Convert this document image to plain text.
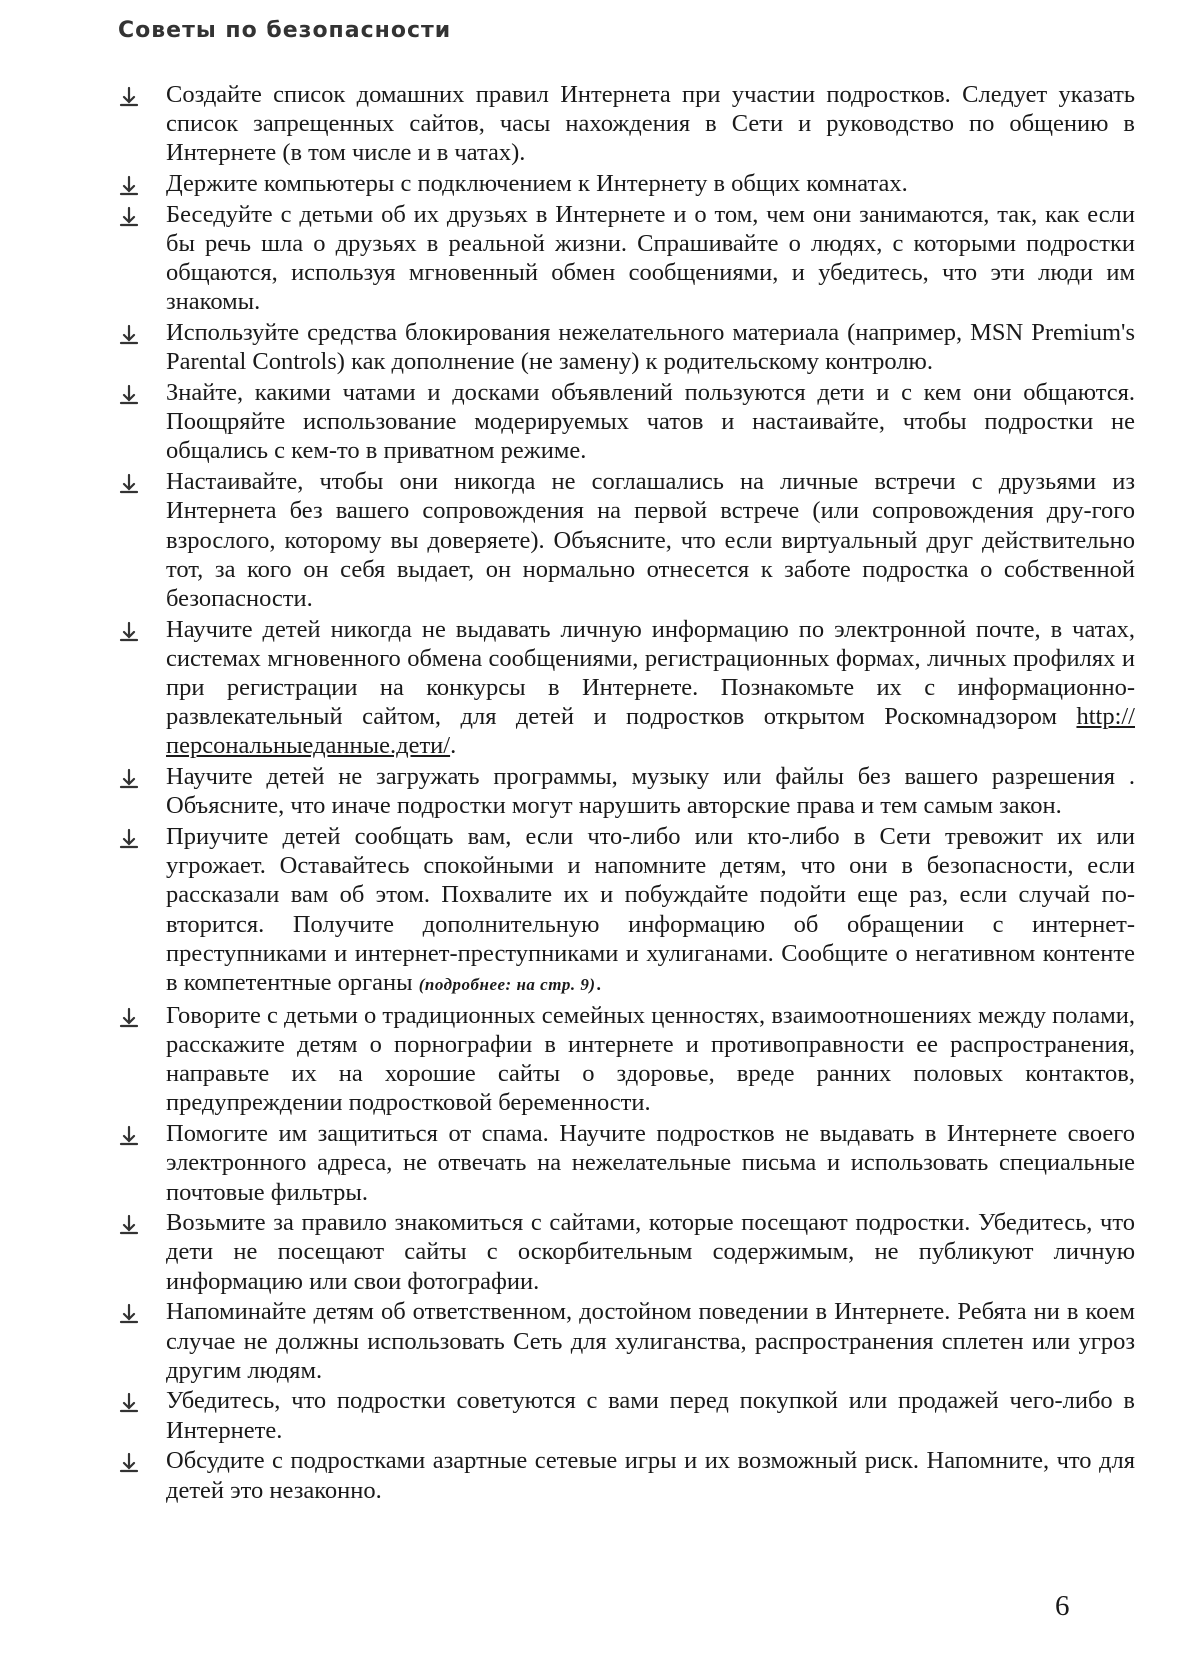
Советы по безопасности
Создайте список домашних правил Интернета при участии подростков. Следует указать список запрещенных сайтов, часы нахождения в Сети и руководство по общению в Интернете (в том числе и в чатах).
Держите компьютеры с подключением к Интернету в общих комнатах.
Беседуйте с детьми об их друзьях в Интернете и о том, чем они занимаются, так, как если бы речь шла о друзьях в реальной жизни. Спрашивайте о людях, с которыми подростки общаются, используя мгновенный обмен сообщениями, и убедитесь, что эти люди им знакомы.
Используйте средства блокирования нежелательного материала (например, MSN Premium's Parental Controls) как дополнение (не замену) к родительскому контролю.
Знайте, какими чатами и досками объявлений пользуются дети и с кем они общаются. Поощряйте использование модерируемых чатов и настаивайте, чтобы подростки не общались с кем-то в приватном режиме.
Настаивайте, чтобы они никогда не соглашались на личные встречи с друзьями из Интернета без вашего сопровождения на первой встрече (или сопровождения дру-гого взрослого, которому вы доверяете). Объясните, что если виртуальный друг действительно тот, за кого он себя выдает, он нормально отнесется к заботе подростка о собственной безопасности.
Научите детей никогда не выдавать личную информацию по электронной почте, в чатах, системах мгновенного обмена сообщениями, регистрационных формах, личных профилях и при регистрации на конкурсы в Интернете. Познакомьте их с информационно-развлекательный сайтом, для детей и подростков открытом Роскомнадзором http://персональныеданные.дети/.
Научите детей не загружать программы, музыку или файлы без вашего разрешения . Объясните, что иначе подростки могут нарушить авторские права и тем самым закон.
Приучите детей сообщать вам, если что-либо или кто-либо в Сети тревожит их или угрожает. Оставайтесь спокойными и напомните детям, что они в безопасности, если рассказали вам об этом. Похвалите их и побуждайте подойти еще раз, если случай повторится. Получите дополнительную информацию об обращении с интернет-преступниками и интернет-преступниками и хулиганами. Сообщите о негативном контенте в компетентные органы (подробнее: на стр. 9).
Говорите с детьми о традиционных семейных ценностях, взаимоотношениях между полами, расскажите детям о порнографии в интернете и противоправности ее распространения, направьте их на хорошие сайты о здоровье, вреде ранних половых контактов, предупреждении подростковой беременности.
Помогите им защититься от спама. Научите подростков не выдавать в Интернете своего электронного адреса, не отвечать на нежелательные письма и использовать специальные почтовые фильтры.
Возьмите за правило знакомиться с сайтами, которые посещают подростки. Убедитесь, что дети не посещают сайты с оскорбительным содержимым, не публикуют личную информацию или свои фотографии.
Напоминайте детям об ответственном, достойном поведении в Интернете. Ребята ни в коем случае не должны использовать Сеть для хулиганства, распространения сплетен или угроз другим людям.
Убедитесь, что подростки советуются с вами перед покупкой или продажей чего-либо в Интернете.
Обсудите с подростками азартные сетевые игры и их возможный риск. Напомните, что для детей это незаконно.
6
